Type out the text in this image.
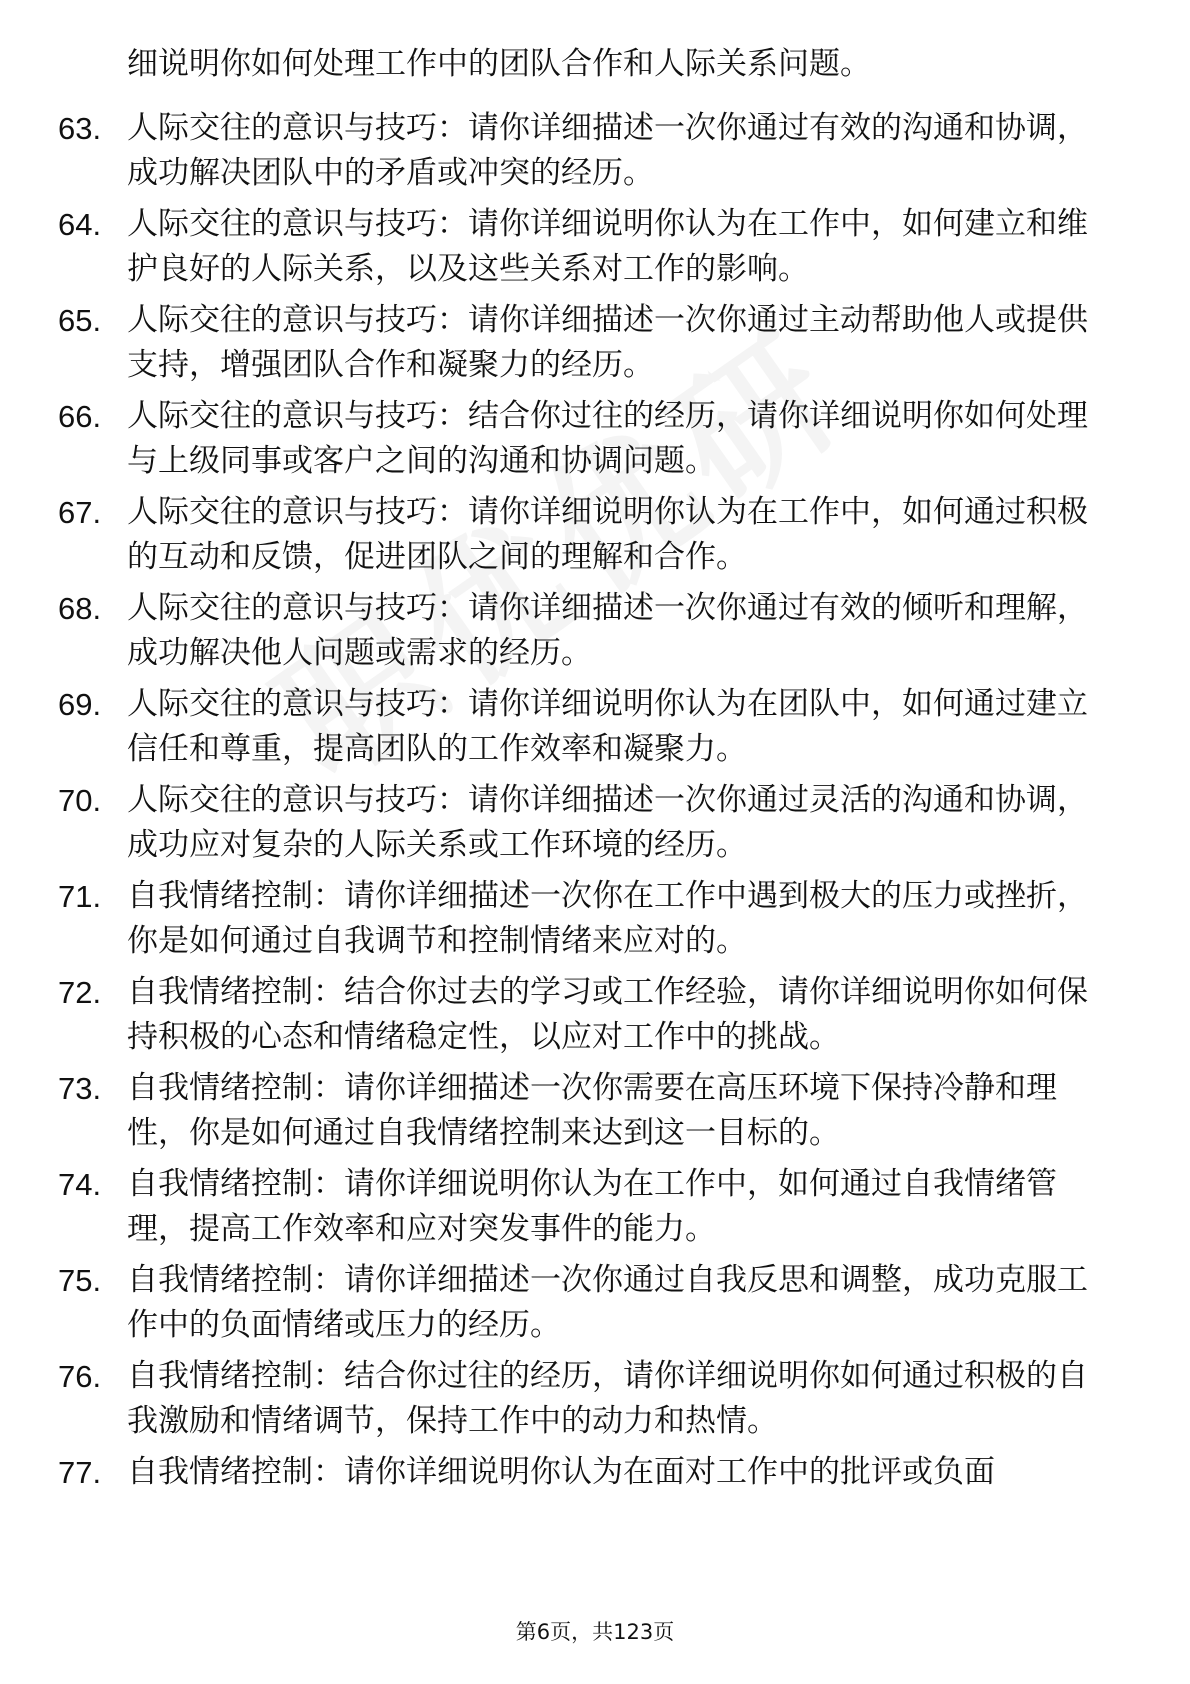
细说明你如何处理工作中的团队合作和人际关系问题。
63. 人际交往的意识与技巧：请你详细描述一次你通过有效的沟通和协调，成功解决团队中的矛盾或冲突的经历。
64. 人际交往的意识与技巧：请你详细说明你认为在工作中，如何建立和维护良好的人际关系，以及这些关系对工作的影响。
65. 人际交往的意识与技巧：请你详细描述一次你通过主动帮助他人或提供支持，增强团队合作和凝聚力的经历。
66. 人际交往的意识与技巧：结合你过往的经历，请你详细说明你如何处理与上级同事或客户之间的沟通和协调问题。
67. 人际交往的意识与技巧：请你详细说明你认为在工作中，如何通过积极的互动和反馈，促进团队之间的理解和合作。
68. 人际交往的意识与技巧：请你详细描述一次你通过有效的倾听和理解，成功解决他人问题或需求的经历。
69. 人际交往的意识与技巧：请你详细说明你认为在团队中，如何通过建立信任和尊重，提高团队的工作效率和凝聚力。
70. 人际交往的意识与技巧：请你详细描述一次你通过灵活的沟通和协调，成功应对复杂的人际关系或工作环境的经历。
71. 自我情绪控制：请你详细描述一次你在工作中遇到极大的压力或挫折，你是如何通过自我调节和控制情绪来应对的。
72. 自我情绪控制：结合你过去的学习或工作经验，请你详细说明你如何保持积极的心态和情绪稳定性，以应对工作中的挑战。
73. 自我情绪控制：请你详细描述一次你需要在高压环境下保持冷静和理性，你是如何通过自我情绪控制来达到这一目标的。
74. 自我情绪控制：请你详细说明你认为在工作中，如何通过自我情绪管理，提高工作效率和应对突发事件的能力。
75. 自我情绪控制：请你详细描述一次你通过自我反思和调整，成功克服工作中的负面情绪或压力的经历。
76. 自我情绪控制：结合你过往的经历，请你详细说明你如何通过积极的自我激励和情绪调节，保持工作中的动力和热情。
77. 自我情绪控制：请你详细说明你认为在面对工作中的批评或负面
第6页，共123页
